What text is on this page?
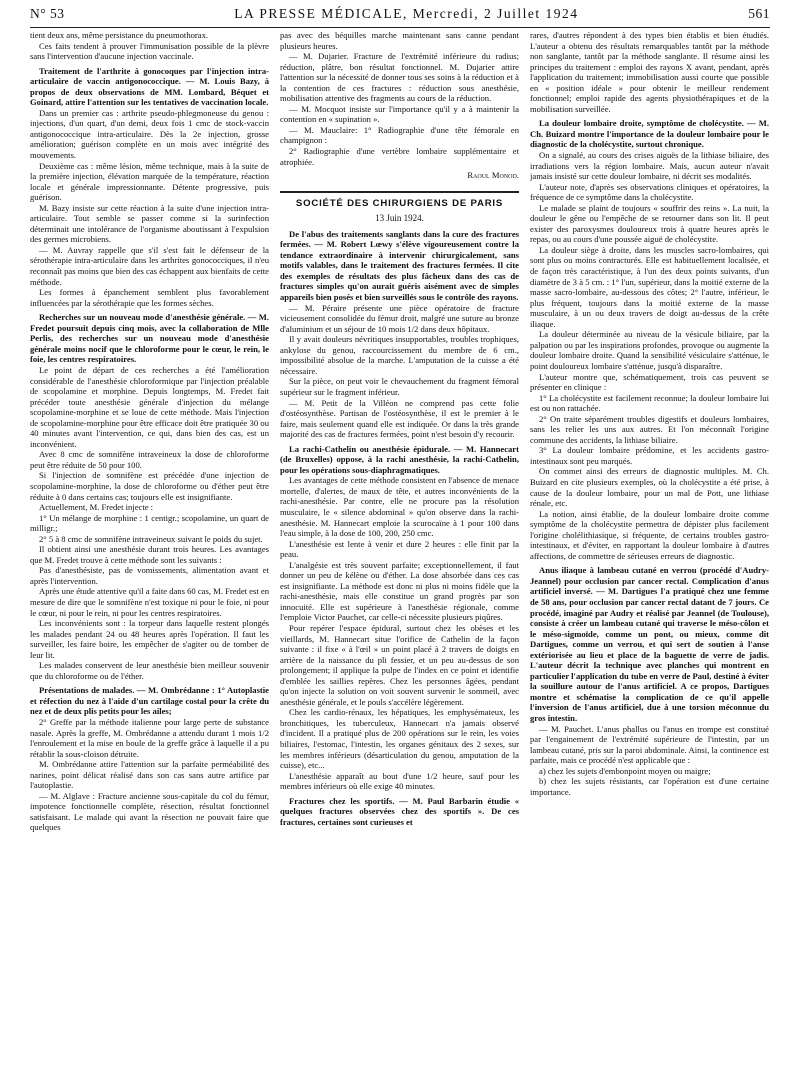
N° 53	LA PRESSE MÉDICALE, Mercredi, 2 Juillet 1924	561

tient deux ans, même persistance du pneumothorax.

Ces faits tendent à prouver l'immunisation possible de la plèvre sans l'intervention d'aucune injection vaccinale.

Traitement de l'arthrite à gonocoques par l'injection intra-articulaire de vaccin antigonococcique. — M. Louis Bazy, à propos de deux observations de MM. Lombard, Béquet et Goinard, attire l'attention sur les tentatives de vaccination locale.

Dans un premier cas : arthrite pseudo-phlegmoneuse du genou : injections, d'un quart, d'un demi, deux fois 1 cmc de stock-vaccin antigonococcique intra-articulaire. Dès la 2e injection, grosse amélioration; guérison complète en un mois avec intégrité des mouvements.

Deuxième cas : même lésion, même technique, mais à la suite de la première injection, élévation marquée de la température, réaction locale et générale impressionnante. Détente progressive, puis guérison.

M. Bazy insiste sur cette réaction à la suite d'une injection intra-articulaire. Tout semble se passer comme si la surinfection déterminait une intolérance de l'organisme aboutissant à l'expulsion des germes microbiens.

— M. Auvray rappelle que s'il s'est fait le défenseur de la sérothérapie intra-articulaire dans les arthrites gonococciques, il n'eu reconnaît pas moins que bien des cas échappent aux bienfaits de cette méthode.

Les formes à épanchement semblent plus favorablement influencées par la sérothérapie que les formes sèches.

Recherches sur un nouveau mode d'anesthésie générale. — M. Fredet poursuit depuis cinq mois, avec la collaboration de Mlle Perlis, des recherches sur un nouveau mode d'anesthésie générale moins nocif que le chloroforme pour le cœur, le rein, le foie, les centres respiratoires.

Le point de départ de ces recherches a été l'amélioration considérable de l'anesthésie chloroformique par l'injection préalable de scopolamine et morphine. Depuis longtemps, M. Fredet fait précéder toute anesthésie générale d'injection du mélange scopolamine-morphine et se loue de cette méthode. Mais l'injection de scopolamine-morphine pour être efficace doit être pratiquée 30 ou 40 minutes avant l'intervention, ce qui, dans bien des cas, est un inconvénient.

Avec 8 cmc de somnifène intraveineux la dose de chloroforme peut être réduite de 50 pour 100.

Si l'injection de somnifène est précédée d'une injection de scopolamine-morphine, la dose de chloroforme ou d'éther peut être réduite à 0 dans certains cas; toujours elle est insignifiante.

Actuellement, M. Fredet injecte :

1° Un mélange de morphine : 1 centigr.; scopolamine, un quart de milligr.;

2° 5 à 8 cmc de somnifène intraveineux suivant le poids du sujet.

Il obtient ainsi une anesthésie durant trois heures. Les avantages que M. Fredet trouve à cette méthode sont les suivants :

Pas d'anesthésiste, pas de vomissements, alimentation avant et après l'intervention.

Après une étude attentive qu'il a faite dans 60 cas, M. Fredet est en mesure de dire que le somnifène n'est toxique ni pour le foie, ni pour le cœur, ni pour le rein, ni pour les centres respiratoires.

Les inconvénients sont : la torpeur dans laquelle restent plongés les malades pendant 24 ou 48 heures après l'opération. Il faut les surveiller, les faire boire, les empêcher de s'agiter ou de tomber de leur lit.

Les malades conservent de leur anesthésie bien meilleur souvenir que du chloroforme ou de l'éther.

Présentations de malades. — M. Ombrédanne : 1° Autoplastie et réfection du nez à l'aide d'un cartilage costal pour la crête du nez et de deux plis petits pour les ailes;

2° Greffe par la méthode italienne pour large perte de substance nasale. Après la greffe, M. Ombrédanne a attendu durant 1 mois 1/2 l'enroulement et la mise en boule de la greffe grâce à laquelle il a pu rétablir la sous-cloison détruite.

M. Ombrédanne attire l'attention sur la parfaite perméabilité des narines, point délicat réalisé dans son cas sans autre artifice par l'autoplastie.

— M. Alglave : Fracture ancienne sous-capitale du col du fémur, impotence fonctionnelle complète, résection, résultat fonctionnel satisfaisant. Le malade qui avant la résection ne pouvait faire que quelques

pas avec des béquilles marche maintenant sans canne pendant plusieurs heures.

— M. Dujarier. Fracture de l'extrémité inférieure du radius; réduction, plâtre, bon résultat fonctionnel. M. Dujarier attire l'attention sur la nécessité de donner tous ses soins à la réduction et à la contention de ces fractures : réduction sous anesthésie, mobilisation attentive des fragments au cours de la réduction.

— M. Mocquot insiste sur l'importance qu'il y a à maintenir la contention en « supination ».

— M. Mauclaire: 1° Radiographie d'une tête fémorale en champignon :

2° Radiographie d'une vertèbre lombaire supplémentaire et atrophiée.

Raoul Monod.

SOCIÉTÉ DES CHIRURGIENS DE PARIS
13 Juin 1924.

De l'abus des traitements sanglants dans la cure des fractures fermées. — M. Robert Lœwy s'élève vigoureusement contre la tendance extraordinaire à intervenir chirurgicalement, sans motifs valables, dans le traitement des fractures fermées. Il cite des exemples de résultats des plus fâcheux dans des cas de fractures simples qu'on aurait guéris aisément avec de simples appareils bien posés et bien surveillés sous le contrôle des rayons.

— M. Péraire présente une pièce opératoire de fracture vicieusement consolidée du fémur droit, malgré une suture au bronze d'aluminium et un séjour de 10 mois 1/2 dans deux hôpitaux.

Il y avait douleurs névritiques insupportables, troubles trophiques, ankylose du genou, raccourcissement du membre de 6 cm., impossibilité absolue de la marche. L'amputation de la cuisse a été nécessaire.

Sur la pièce, on peut voir le chevauchement du fragment fémoral supérieur sur le fragment inférieur.

— M. Petit de la Villéon ne comprend pas cette folie d'ostéosynthèse. Partisan de l'ostéosynthèse, il est le premier à le faire, mais seulement quand elle est indiquée. Or dans la très grande majorité des cas de fractures fermées, point n'est besoin d'y recourir.

La rachi-Cathelin ou anesthésie épidurale. — M. Hannecart (de Bruxelles) oppose, à la rachi anesthésie, la rachi-Cathelin, pour les opérations sous-diaphragmatiques.

Les avantages de cette méthode consistent en l'absence de menace mortelle, d'alertes, de maux de tête, et autres inconvénients de la rachi-anesthésie. Par contre, elle ne procure pas la résolution musculaire, le « silence abdominal » qu'on observe dans la rachi-anesthésie. M. Hannecart emploie la scurocaïne à 1 pour 100 dans l'eau simple, à la dose de 100, 200, 250 cmc.

L'anesthésie est lente à venir et dure 2 heures : elle finit par la peau.

L'analgésie est très souvent parfaite; exceptionnellement, il faut donner un peu de kélène ou d'éther. La dose absorbée dans ces cas est insignifiante. La méthode est donc ni plus ni moins fidèle que la rachi-anesthésie, mais elle constitue un grand progrès par son innocuité. Elle est supérieure à l'anesthésie régionale, comme l'emploie Victor Pauchet, car celle-ci nécessite plusieurs piqûres.

Pour repérer l'espace épidural, surtout chez les obèses et les vieillards, M. Hannecart situe l'orifice de Cathelin de la façon suivante : il fixe « à l'œil » un point placé à 2 travers de doigts en arrière de la naissance du pli fessier, et un peu au-dessus de son prolongement; il applique la pulpe de l'index en ce point et identifie d'emblée les saillies repères. Chez les personnes âgées, pendant qu'on injecte la solution on voit souvent survenir le sommeil, avec anesthésie générale, et le pouls s'accélère légèrement.

Chez les cardio-rénaux, les hépatiques, les emphysémateux, les bronchitiques, les tuberculeux, Hannecart n'a jamais observé d'incident. Il a pratiqué plus de 200 opérations sur le rein, les voies biliaires, l'estomac, l'intestin, les organes génitaux des 2 sexes, sur les membres inférieurs (désarticulation du genou, amputation de la cuisse), etc...

L'anesthésie apparaît au bout d'une 1/2 heure, sauf pour les membres inférieurs où elle exige 40 minutes.

Fractures chez les sportifs. — M. Paul Barbarin étudie « quelques fractures observées chez des sportifs ». De ces fractures, certaines sont curieuses et

rares, d'autres répondent à des types bien établis et bien étudiés. L'auteur a obtenu des résultats remarquables tantôt par la méthode non sanglante, tantôt par la méthode sanglante. Il résume ainsi les principes du traitement : emploi des rayons X avant, pendant, après l'application du traitement; immobilisation aussi courte que possible en « position idéale » pour obtenir le meilleur rendement fonctionnel; emploi rapide des agents physiothérapiques et de la mobilisation surveillée.

La douleur lombaire droite, symptôme de cholécystite. — M. Ch. Buizard montre l'importance de la douleur lombaire pour le diagnostic de la cholécystite, surtout chronique.

On a signalé, au cours des crises aiguës de la lithiase biliaire, des irradiations vers la région lombaire. Mais, aucun auteur n'avait jamais insisté sur cette douleur lombaire, ni décrit ses modalités.

L'auteur note, d'après ses observations cliniques et opératoires, la fréquence de ce symptôme dans la cholécystite.

Le malade se plaint de toujours « souffrir des reins ». La nuit, la douleur le gêne ou l'empêche de se retourner dans son lit. Il peut exister des paroxysmes douloureux trois à quatre heures après le repas, ou au cours d'une poussée aiguë de cholécystite.

La douleur siège à droite, dans les muscles sacro-lombaires, qui sont plus ou moins contracturés. Elle est habituellement localisée, et de façon très caractéristique, à l'un des deux points suivants, d'un diamètre de 3 à 5 cm. : 1° l'un, supérieur, dans la moitié externe de la masse sacro-lombaire, au-dessous des côtes; 2° l'autre, inférieur, le plus fréquent, toujours dans la moitié externe de la masse musculaire, à un ou deux travers de doigt au-dessus de la crête iliaque.

La douleur déterminée au niveau de la vésicule biliaire, par la palpation ou par les inspirations profondes, provoque ou augmente la douleur lombaire droite. Quand la sensibilité vésiculaire s'atténue, le point douloureux lombaire s'atténue, jusqu'à disparaître.

L'auteur montre que, schématiquement, trois cas peuvent se présenter en clinique :

1° La cholécystite est facilement reconnue; la douleur lombaire lui est ou non rattachée.

2° On traite séparément troubles digestifs et douleurs lombaires, sans les relier les uns aux autres. Et l'on méconnaît l'origine commune des accidents, la lithiase biliaire.

3° La douleur lombaire prédomine, et les accidents gastro-intestinaux sont peu marqués.

On commet ainsi des erreurs de diagnostic multiples. M. Ch. Buizard en cite plusieurs exemples, où la cholécystite a été prise, à cause de la douleur lombaire, pour un mal de Pott, une lithiase rénale, etc.

La notion, ainsi établie, de la douleur lombaire droite comme symptôme de la cholécystite permettra de dépister plus facilement l'origine cholélithiasique, si fréquente, de certains troubles gastro-intestinaux, et d'éviter, en rapportant la douleur lombaire à d'autres affections, de commettre de sérieuses erreurs de diagnostic.

Anus iliaque à lambeau cutané en verrou (procédé d'Audry-Jeannel) pour occlusion par cancer rectal. Complication d'anus artificiel inversé. — M. Dartigues l'a pratiqué chez une femme de 58 ans, pour occlusion par cancer rectal datant de 7 jours. Ce procédé, imaginé par Audry et réalisé par Jeannel (de Toulouse), consiste à créer un lambeau cutané qui traverse le méso-côlon et le méso-sigmoïde, comme un pont, ou mieux, comme dit Dartigues, comme un verrou, et qui sert de soutien à l'anse extériorisée au lieu et place de la baguette de verre de jadis. L'auteur décrit la technique avec planches qui montrent en particulier l'application du tube en verre de Paul, destiné à éviter la souillure autour de l'anus artificiel. A ce propos, Dartigues montre et schématise la complication de ce qu'il appelle l'inversion de l'anus artificiel, due à une torsion méconnue du gros intestin.

— M. Pauchet. L'anus phallus ou l'anus en trompe est constitué par l'engainement de l'extrémité supérieure de l'intestin, par un lambeau cutané, pris sur la paroi abdominale. Ainsi, la continence est parfaite, mais ce procédé n'est applicable que :

a) chez les sujets d'embonpoint moyen ou maigre;

b) chez les sujets résistants, car l'opération est d'une certaine importance.
